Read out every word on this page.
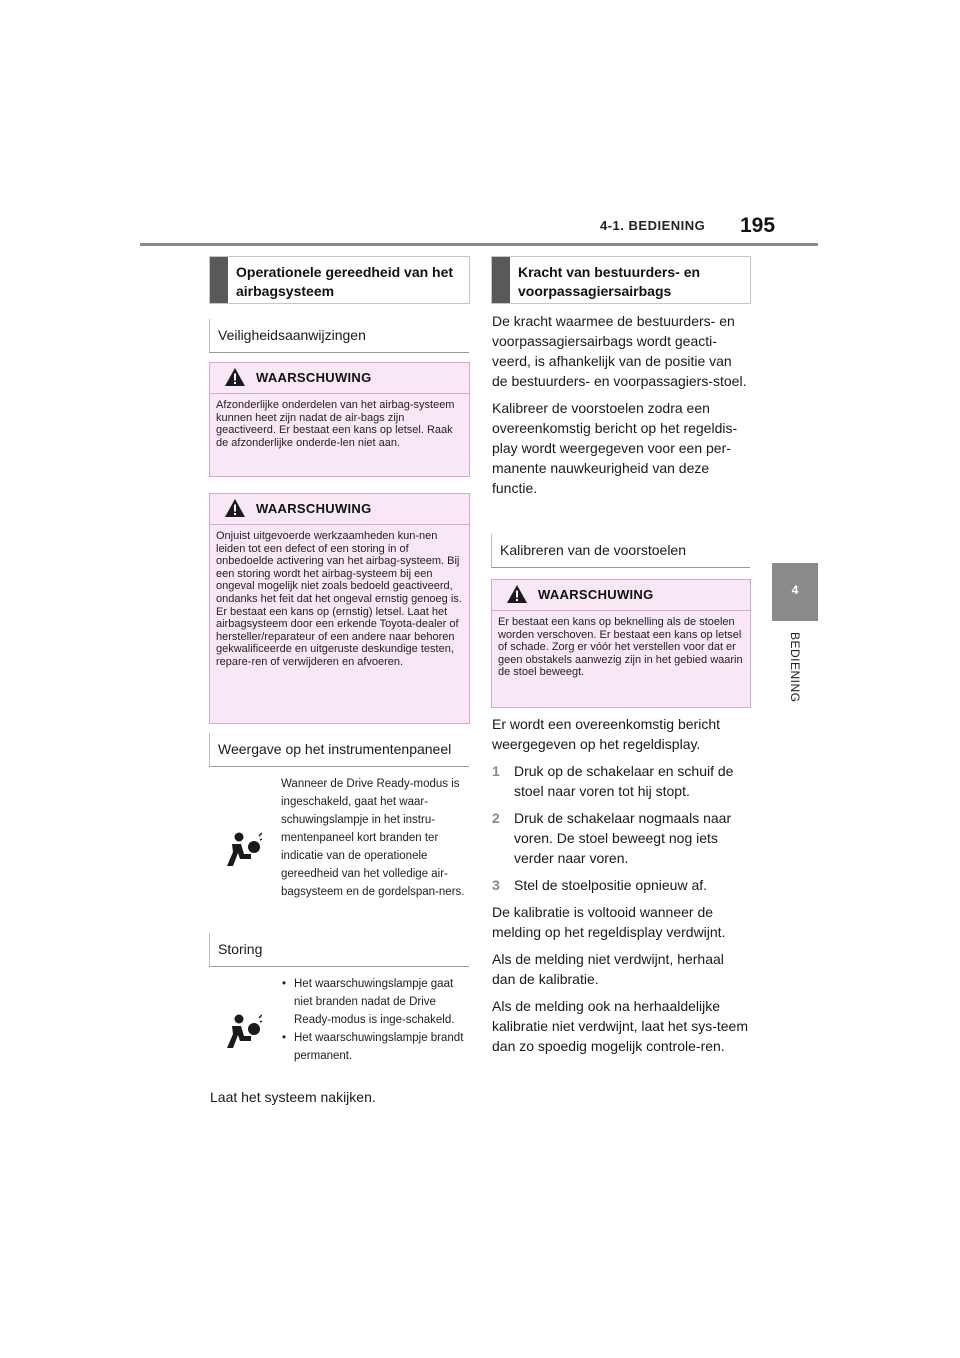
4-1. BEDIENING 195
4
BEDIENING
Operationele gereedheid van het airbagsysteem
Veiligheidsaanwijzingen
WAARSCHUWING
Afzonderlijke onderdelen van het airbag-systeem kunnen heet zijn nadat de air-bags zijn geactiveerd. Er bestaat een kans op letsel. Raak de afzonderlijke onderde-len niet aan.
WAARSCHUWING
Onjuist uitgevoerde werkzaamheden kun-nen leiden tot een defect of een storing in of onbedoelde activering van het airbag-systeem. Bij een storing wordt het airbag-systeem bij een ongeval mogelijk niet zoals bedoeld geactiveerd, ondanks het feit dat het ongeval ernstig genoeg is. Er bestaat een kans op (ernstig) letsel. Laat het airbagsysteem door een erkende Toyota-dealer of hersteller/reparateur of een andere naar behoren gekwalificeerde en uitgeruste deskundige testen, repare-ren of verwijderen en afvoeren.
Weergave op het instrumentenpaneel
Wanneer de Drive Ready-modus is ingeschakeld, gaat het waar-schuwingslampje in het instru-mentenpaneel kort branden ter indicatie van de operationele gereedheid van het volledige air-bagsysteem en de gordelspan-ners.
Storing
• Het waarschuwingslampje gaat niet branden nadat de Drive Ready-modus is inge-schakeld.
• Het waarschuwingslampje brandt permanent.
Laat het systeem nakijken.
Kracht van bestuurders- en voorpassagiersairbags

De kracht waarmee de bestuurders- en voorpassagiersairbags wordt geacti-veerd, is afhankelijk van de positie van de bestuurders- en voorpassagiers-stoel.

Kalibreer de voorstoelen zodra een overeenkomstig bericht op het regeldis-play wordt weergegeven voor een per-manente nauwkeurigheid van deze functie.

Kalibreren van de voorstoelen
WAARSCHUWING
Er bestaat een kans op beknelling als de stoelen worden verschoven. Er bestaat een kans op letsel of schade. Zorg er vóór het verstellen voor dat er geen obstakels aanwezig zijn in het gebied waarin de stoel beweegt.

Er wordt een overeenkomstig bericht weergegeven op het regeldisplay.

1 Druk op de schakelaar en schuif de stoel naar voren tot hij stopt.
2 Druk de schakelaar nogmaals naar voren. De stoel beweegt nog iets verder naar voren.
3 Stel de stoelpositie opnieuw af.

De kalibratie is voltooid wanneer de melding op het regeldisplay verdwijnt.

Als de melding niet verdwijnt, herhaal dan de kalibratie.

Als de melding ook na herhaaldelijke kalibratie niet verdwijnt, laat het sys-teem dan zo spoedig mogelijk controle-ren.
